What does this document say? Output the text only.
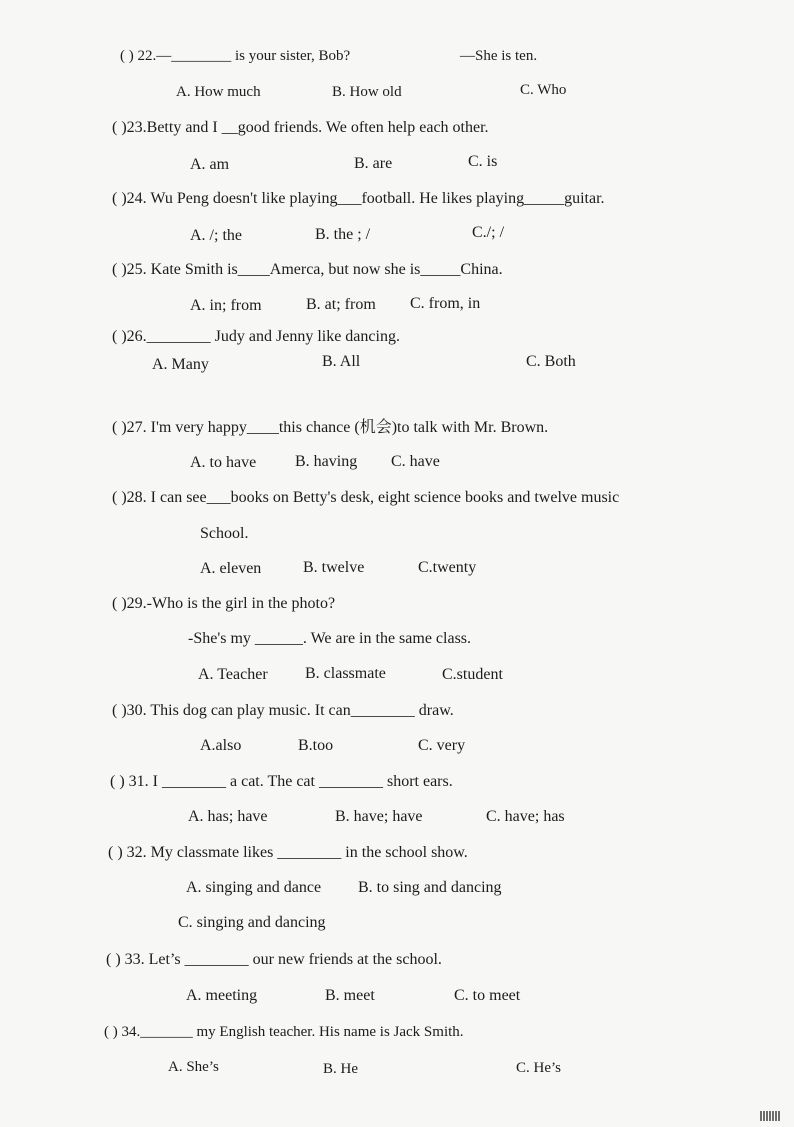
( ) 22.—________ is your sister, Bob?	—She is ten.
A. How much	B. How old	C. Who
( )23.Betty and I __good friends. We often help each other.
A. am	B. are	C. is
( )24. Wu Peng doesn't like playing___football. He likes playing_____guitar.
A. /; the	B. the ; /	C./; /
( )25. Kate Smith is____Amerca, but now she is_____China.
A. in; from	B. at; from C. from, in
( )26.________ Judy and Jenny like dancing.
A. Many	B. All	C. Both
( )27. I'm very happy____this chance (机会)to talk with Mr. Brown.
A. to have B. having C. have
( )28. I can see___books on Betty's desk, eight science books and twelve music
School.
A. eleven	B. twelve	C.twenty
( )29.-Who is the girl in the photo?
-She's my ______. We are in the same class.
A. Teacher B. classmate	C.student
( )30. This dog can play music. It can________ draw.
A.also	B.too	C. very
( ) 31. I ________ a cat. The cat ________ short ears.
A. has; have	B. have; have	C. have; has
( ) 32. My classmate likes ________ in the school show.
A. singing and dance B. to sing and dancing
C. singing and dancing
( ) 33. Let’s ________ our new friends at the school.
A. meeting	B. meet	C. to meet
( ) 34._______ my English teacher. His name is Jack Smith.
A. She’s	B. He	C. He’s
